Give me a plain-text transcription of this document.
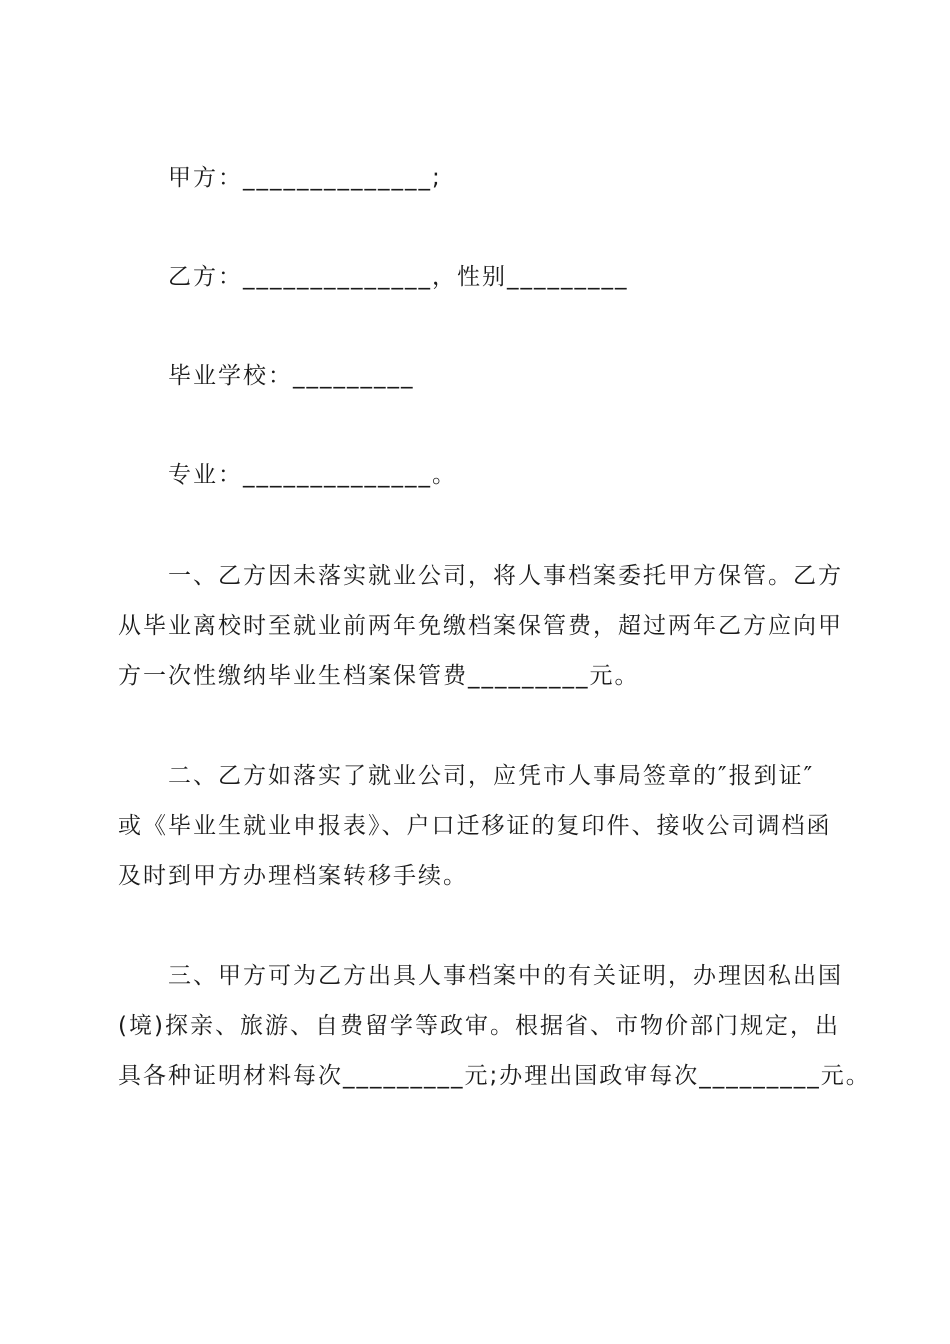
甲方：______________;
乙方：______________，性别_________
毕业学校：_________
专业：______________。
一、乙方因未落实就业公司，将人事档案委托甲方保管。乙方
从毕业离校时至就业前两年免缴档案保管费，超过两年乙方应向甲
方一次性缴纳毕业生档案保管费_________元。
二、乙方如落实了就业公司，应凭市人事局签章的″报到证″
或《毕业生就业申报表》、户口迁移证的复印件、接收公司调档函
及时到甲方办理档案转移手续。
三、甲方可为乙方出具人事档案中的有关证明，办理因私出国
(境)探亲、旅游、自费留学等政审。根据省、市物价部门规定，出
具各种证明材料每次_________元;办理出国政审每次_________元。
